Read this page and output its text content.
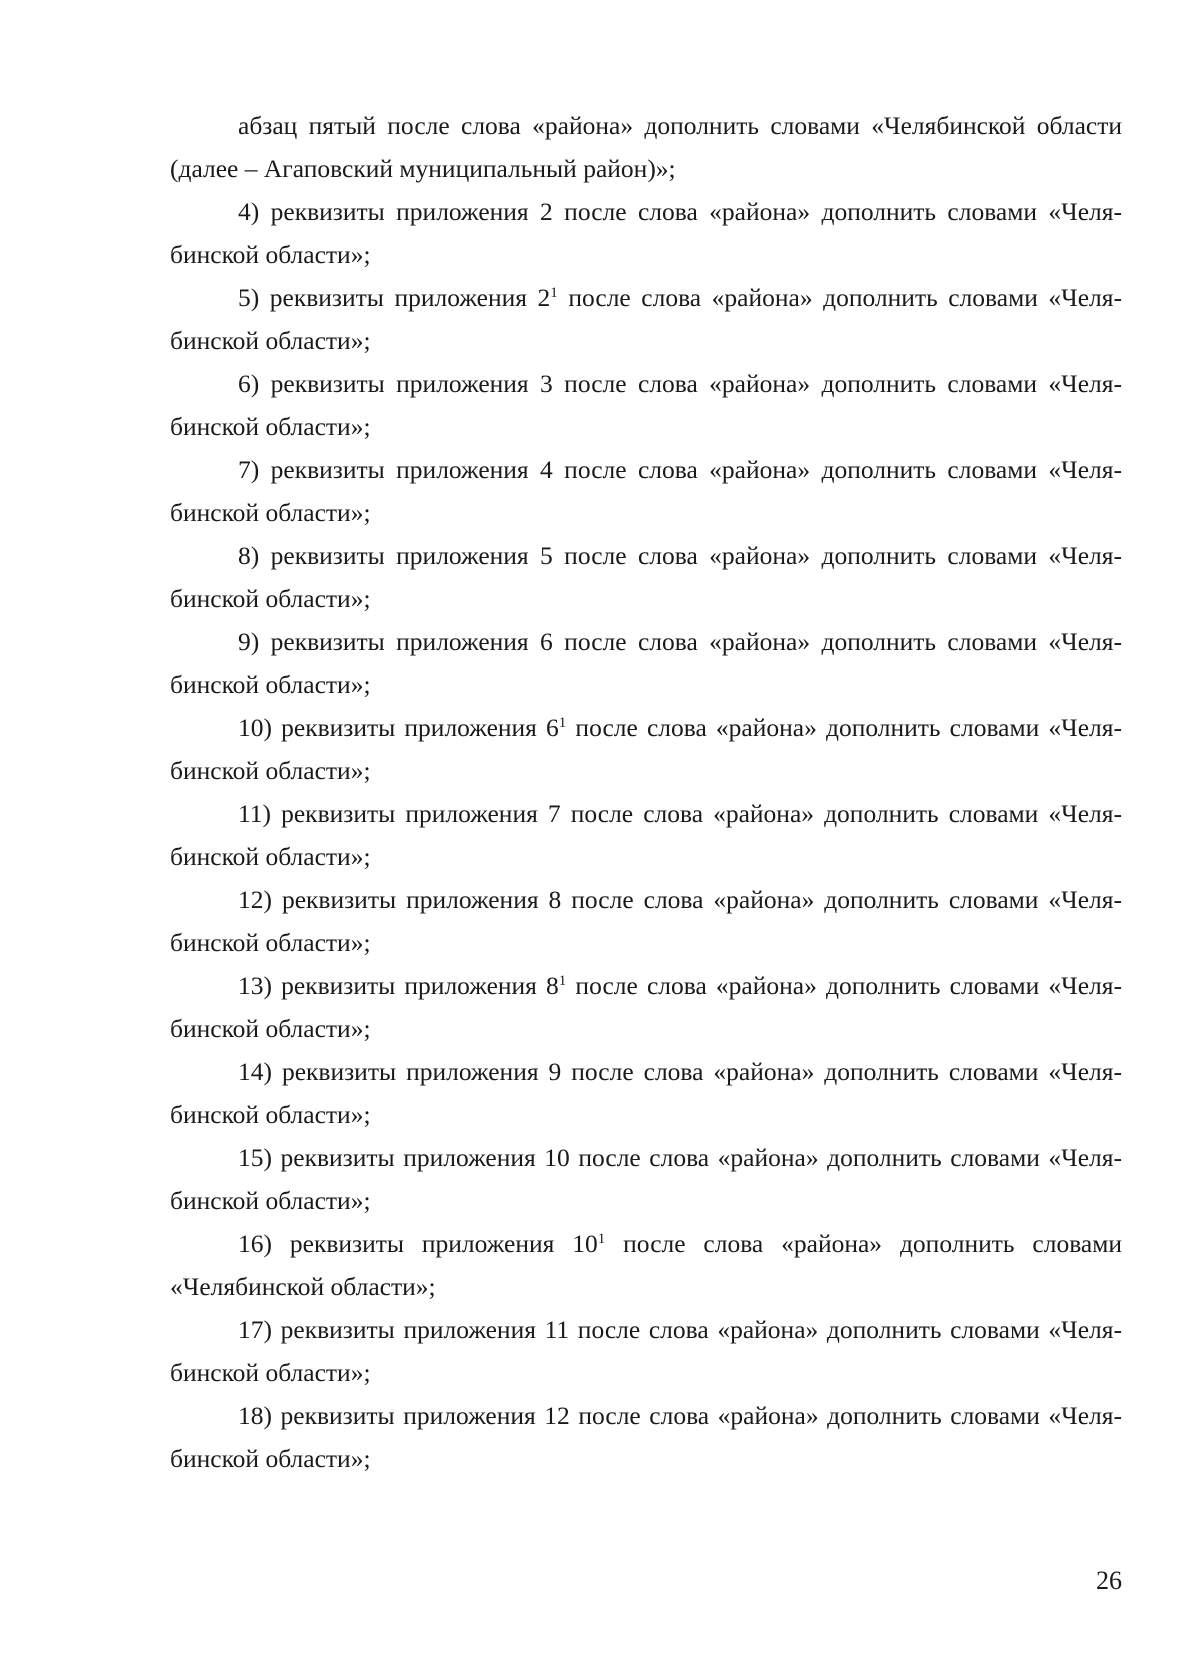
абзац пятый после слова «района» дополнить словами «Челябинской области
(далее – Агаповский муниципальный район)»;

4) реквизиты приложения 2 после слова «района» дополнить словами «Челя-
бинской области»;

5) реквизиты приложения $2^1$ после слова «района» дополнить словами «Челя-
бинской области»;

6) реквизиты приложения 3 после слова «района» дополнить словами «Челя-
бинской области»;

7) реквизиты приложения 4 после слова «района» дополнить словами «Челя-
бинской области»;

8) реквизиты приложения 5 после слова «района» дополнить словами «Челя-
бинской области»;

9) реквизиты приложения 6 после слова «района» дополнить словами «Челя-
бинской области»;

10) реквизиты приложения $6^1$ после слова «района» дополнить словами «Челя-
бинской области»;

11) реквизиты приложения 7 после слова «района» дополнить словами «Челя-
бинской области»;

12) реквизиты приложения 8 после слова «района» дополнить словами «Челя-
бинской области»;

13) реквизиты приложения $8^1$ после слова «района» дополнить словами «Челя-
бинской области»;

14) реквизиты приложения 9 после слова «района» дополнить словами «Челя-
бинской области»;

15) реквизиты приложения 10 после слова «района» дополнить словами «Челя-
бинской области»;

16) реквизиты приложения $10^1$ после слова «района» дополнить словами
«Челябинской области»;

17) реквизиты приложения 11 после слова «района» дополнить словами «Челя-
бинской области»;

18) реквизиты приложения 12 после слова «района» дополнить словами «Челя-
бинской области»;

26
